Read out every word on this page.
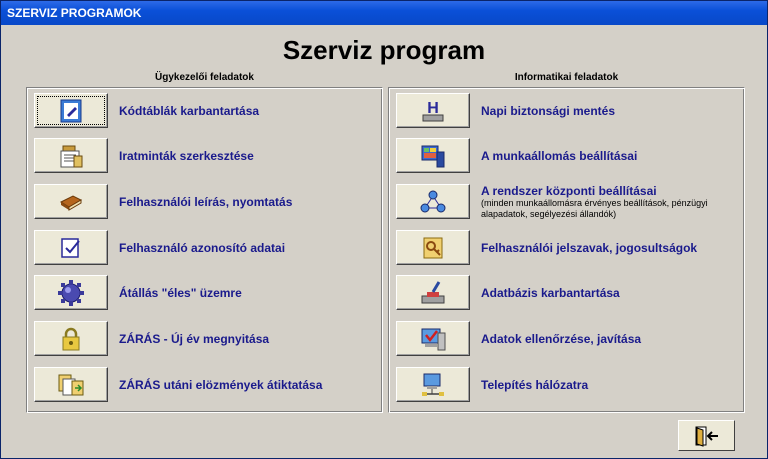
SZERVIZ PROGRAMOK
Szerviz program
Ügykezelői feladatok	Informatikai feladatok
Kódtáblák karbantartása
Iratminták szerkesztése
Felhasználói leírás, nyomtatás
Felhasználó azonosító adatai
Átállás "éles" üzemre
ZÁRÁS - Új év megnyitása
ZÁRÁS utáni elözmények átiktatása
H	Napi biztonsági mentés
A munkaállomás beállításai
A rendszer központi beállításai
(minden munkaállomásra érvényes beállítások, pénzügyi alapadatok, segélyezési állandók)
Felhasználói jelszavak, jogosultságok
Adatbázis karbantartása
Adatok ellenőrzése, javítása
Telepítés hálózatra
